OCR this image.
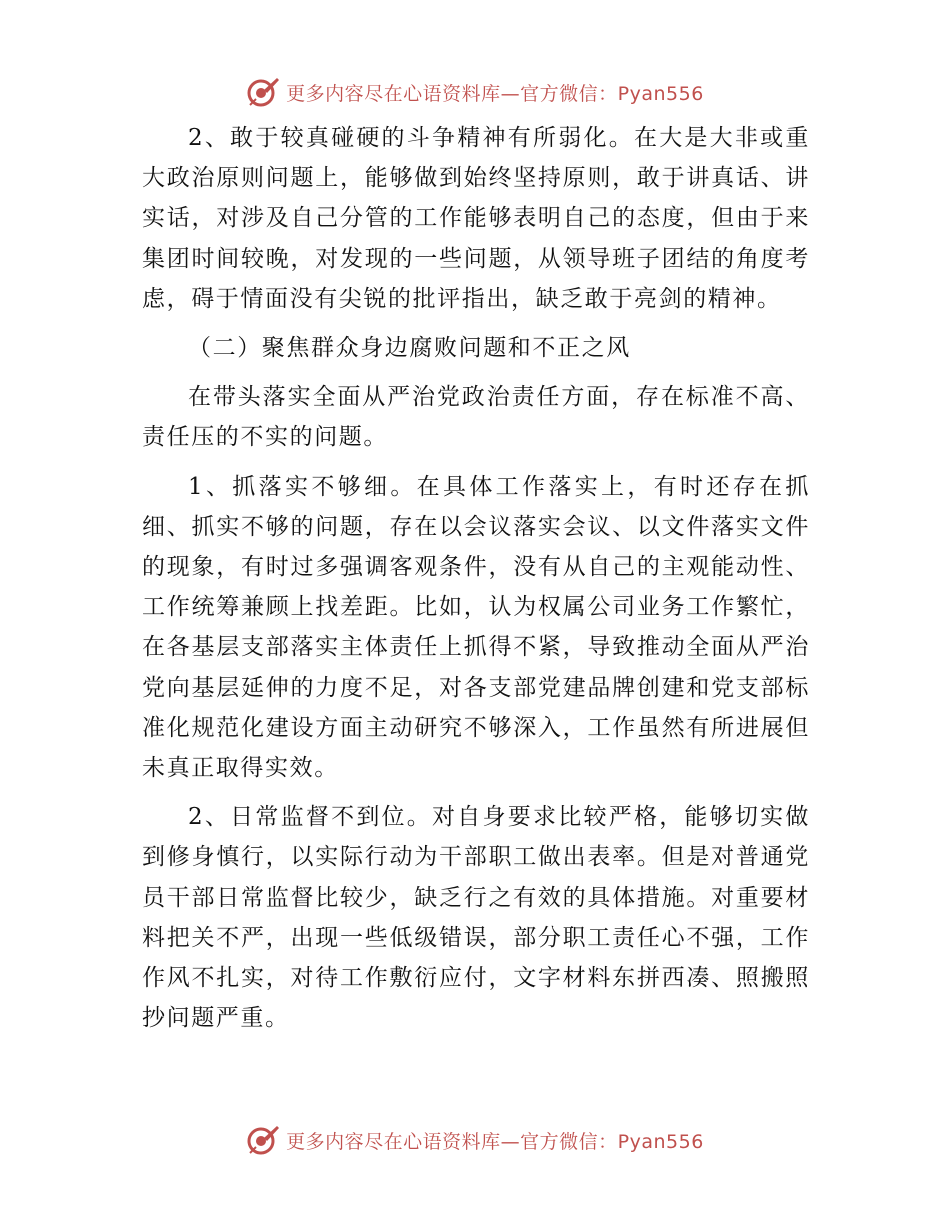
更多内容尽在心语资料库—官方微信：Pyan556

2、敢于较真碰硬的斗争精神有所弱化。在大是大非或重大政治原则问题上，能够做到始终坚持原则，敢于讲真话、讲实话，对涉及自己分管的工作能够表明自己的态度，但由于来集团时间较晚，对发现的一些问题，从领导班子团结的角度考虑，碍于情面没有尖锐的批评指出，缺乏敢于亮剑的精神。

（二）聚焦群众身边腐败问题和不正之风

在带头落实全面从严治党政治责任方面，存在标准不高、责任压的不实的问题。

1、抓落实不够细。在具体工作落实上，有时还存在抓细、抓实不够的问题，存在以会议落实会议、以文件落实文件的现象，有时过多强调客观条件，没有从自己的主观能动性、工作统筹兼顾上找差距。比如，认为权属公司业务工作繁忙，在各基层支部落实主体责任上抓得不紧，导致推动全面从严治党向基层延伸的力度不足，对各支部党建品牌创建和党支部标准化规范化建设方面主动研究不够深入，工作虽然有所进展但未真正取得实效。

2、日常监督不到位。对自身要求比较严格，能够切实做到修身慎行，以实际行动为干部职工做出表率。但是对普通党员干部日常监督比较少，缺乏行之有效的具体措施。对重要材料把关不严，出现一些低级错误，部分职工责任心不强，工作作风不扎实，对待工作敷衍应付，文字材料东拼西凑、照搬照抄问题严重。

更多内容尽在心语资料库—官方微信：Pyan556
